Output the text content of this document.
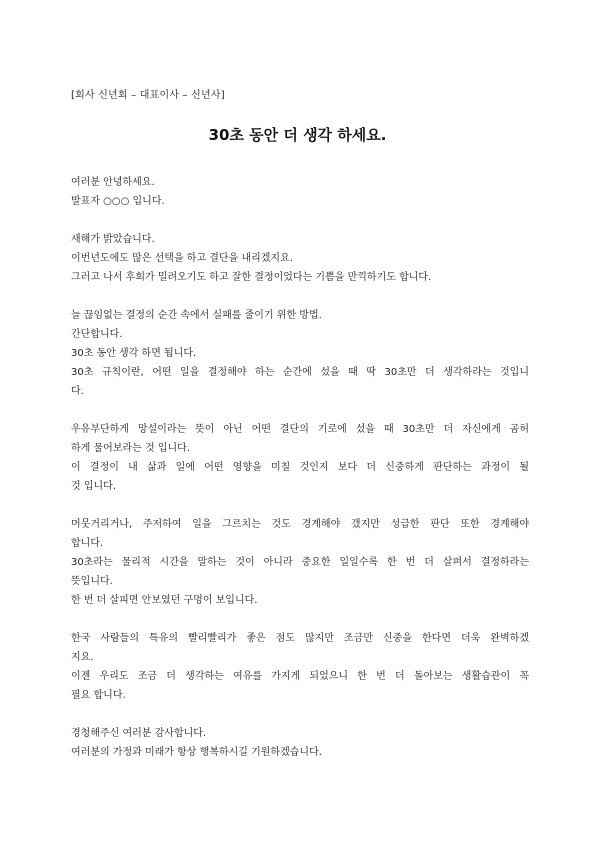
[회사 신년회 – 대표이사 – 신년사]
30초 동안 더 생각 하세요.
여러분 안녕하세요.
발표자 ○○○ 입니다.
새해가 밝았습니다.
이번년도에도 많은 선택을 하고 결단을 내리겠지요.
그러고 나서 후회가 밀려오기도 하고 잘한 결정이었다는 기쁨을 만끽하기도 합니다.
늘 끊임없는 결정의 순간 속에서 실패를 줄이기 위한 방법.
간단합니다.
30초 동안 생각 하면 됩니다.
30초 규칙이란, 어떤 일을 결정해야 하는 순간에 섰을 때 딱 30초만 더 생각하라는 것입니
다.
우유부단하게 망설이라는 뜻이 아닌 어떤 결단의 기로에 섰을 때 30초만 더 자신에게 곰허
하게 물어보라는 것 입니다.
이 결정이 내 삶과 일에 어떤 영향을 미칠 것인지 보다 더 신중하게 판단하는 과정이 될
것 입니다.
머뭇거리거나, 주저하여 일을 그르치는 것도 경계해야 갰지만 성급한 판단 또한 경계해야
합니다.
30초라는 물리적 시간을 말하는 것이 아니라 중요한 일일수록 한 번 더 살펴서 결정하라는
뜻입니다.
한 번 더 살피면 안보였던 구멍이 보입니다.
한국 사람들의 특유의 빨리빨리가 좋은 점도 많지만 조금만 신중을 한다면 더욱 완벽하겠
지요.
이젠 우리도 조금 더 생각하는 여유를 가지게 되었으니 한 번 더 돌아보는 생활습관이 꼭
필요 합니다.
경청해주신 여러분 감사합니다.
여러분의 가정과 미래가 항상 행복하시길 기원하겠습니다.
